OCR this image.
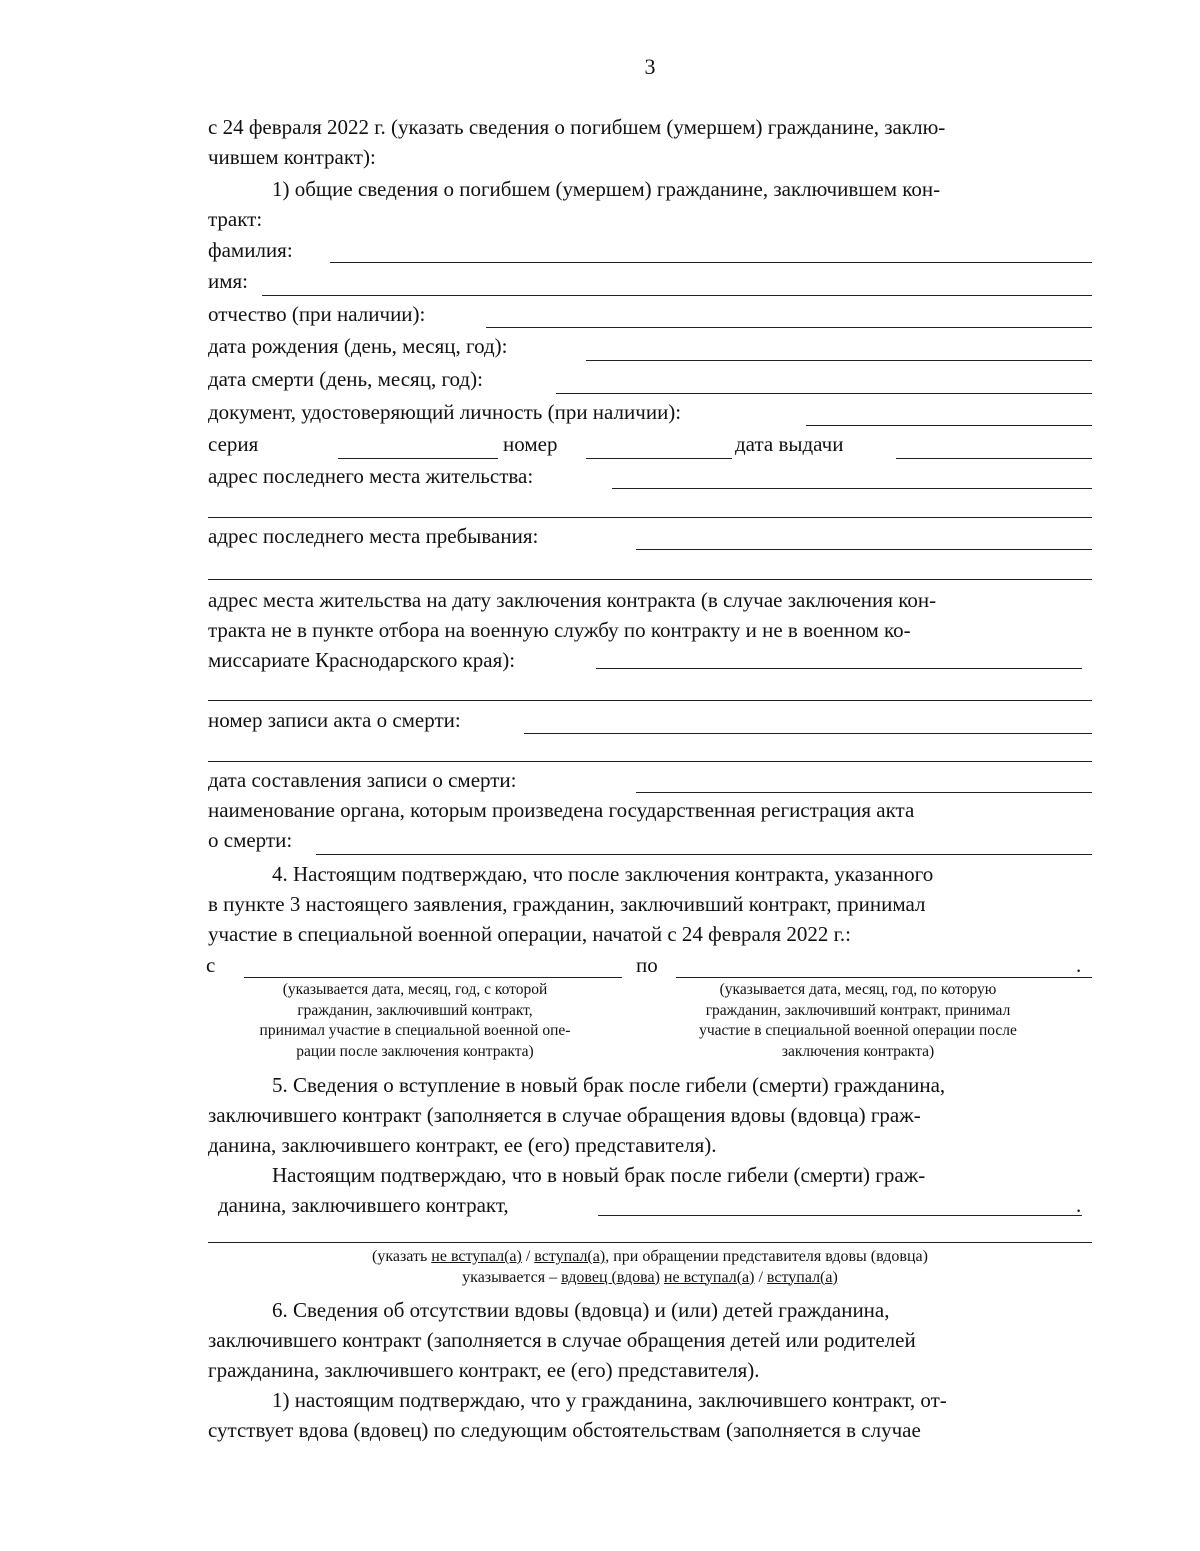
3
с 24 февраля 2022 г. (указать сведения о погибшем (умершем) гражданине, заклю-
чившем контракт):
1) общие сведения о погибшем (умершем) гражданине, заключившем кон-
тракт:
фамилия:
имя:
отчество (при наличии):
дата рождения (день, месяц, год):
дата смерти (день, месяц, год):
документ, удостоверяющий личность (при наличии):
серия	номер	дата выдачи
адрес последнего места жительства:
адрес последнего места пребывания:
адрес места жительства на дату заключения контракта (в случае заключения кон-
тракта не в пункте отбора на военную службу по контракту и не в военном ко-
миссариате Краснодарского края):
номер записи акта о смерти:
дата составления записи о смерти:
наименование органа, которым произведена государственная регистрация акта
о смерти:
4. Настоящим подтверждаю, что после заключения контракта, указанного
в пункте 3 настоящего заявления, гражданин, заключивший контракт, принимал
участие в специальной военной операции, начатой с 24 февраля 2022 г.:
с	по	.
(указывается дата, месяц, год, с которой
гражданин, заключивший контракт,
принимал участие в специальной военной опе-
рации после заключения контракта)
(указывается дата, месяц, год, по которую
гражданин, заключивший контракт, принимал
участие в специальной военной операции после
заключения контракта)
5. Сведения о вступление в новый брак после гибели (смерти) гражданина,
заключившего контракт (заполняется в случае обращения вдовы (вдовца) граж-
данина, заключившего контракт, ее (его) представителя).
Настоящим подтверждаю, что в новый брак после гибели (смерти) граж-
данина, заключившего контракт,	.
(указать не вступал(а) / вступал(а), при обращении представителя вдовы (вдовца)
указывается – вдовец (вдова) не вступал(а) / вступал(а)
6. Сведения об отсутствии вдовы (вдовца) и (или) детей гражданина,
заключившего контракт (заполняется в случае обращения детей или родителей
гражданина, заключившего контракт, ее (его) представителя).
1) настоящим подтверждаю, что у гражданина, заключившего контракт, от-
сутствует вдова (вдовец) по следующим обстоятельствам (заполняется в случае
